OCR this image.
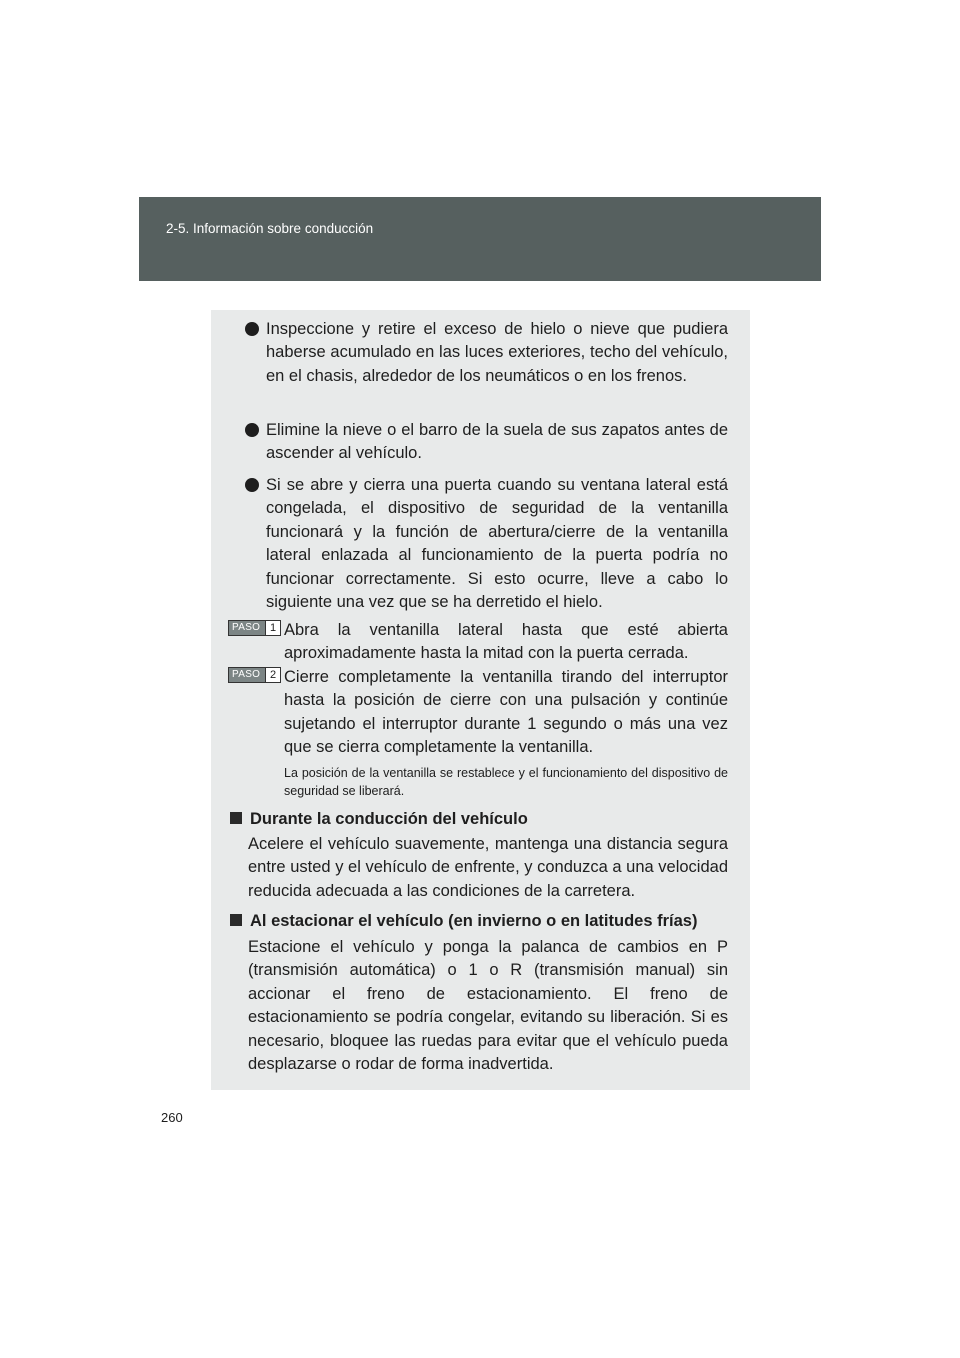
2-5. Información sobre conducción
Inspeccione y retire el exceso de hielo o nieve que pudiera haberse acumulado en las luces exteriores, techo del vehículo, en el chasis, alrededor de los neumáticos o en los frenos.
Elimine la nieve o el barro de la suela de sus zapatos antes de ascender al vehículo.
Si se abre y cierra una puerta cuando su ventana lateral está congelada, el dispositivo de seguridad de la ventanilla funcionará y la función de abertura/cierre de la ventanilla lateral enlazada al funcionamiento de la puerta podría no funcionar correctamente. Si esto ocurre, lleve a cabo lo siguiente una vez que se ha derretido el hielo.
PASO 1 Abra la ventanilla lateral hasta que esté abierta aproximadamente hasta la mitad con la puerta cerrada.
PASO 2 Cierre completamente la ventanilla tirando del interruptor hasta la posición de cierre con una pulsación y continúe sujetando el interruptor durante 1 segundo o más una vez que se cierra completamente la ventanilla.
La posición de la ventanilla se restablece y el funcionamiento del dispositivo de seguridad se liberará.
Durante la conducción del vehículo
Acelere el vehículo suavemente, mantenga una distancia segura entre usted y el vehículo de enfrente, y conduzca a una velocidad reducida adecuada a las condiciones de la carretera.
Al estacionar el vehículo (en invierno o en latitudes frías)
Estacione el vehículo y ponga la palanca de cambios en P (transmisión automática) o 1 o R (transmisión manual) sin accionar el freno de estacionamiento. El freno de estacionamiento se podría congelar, evitando su liberación. Si es necesario, bloquee las ruedas para evitar que el vehículo pueda desplazarse o rodar de forma inadvertida.
260
